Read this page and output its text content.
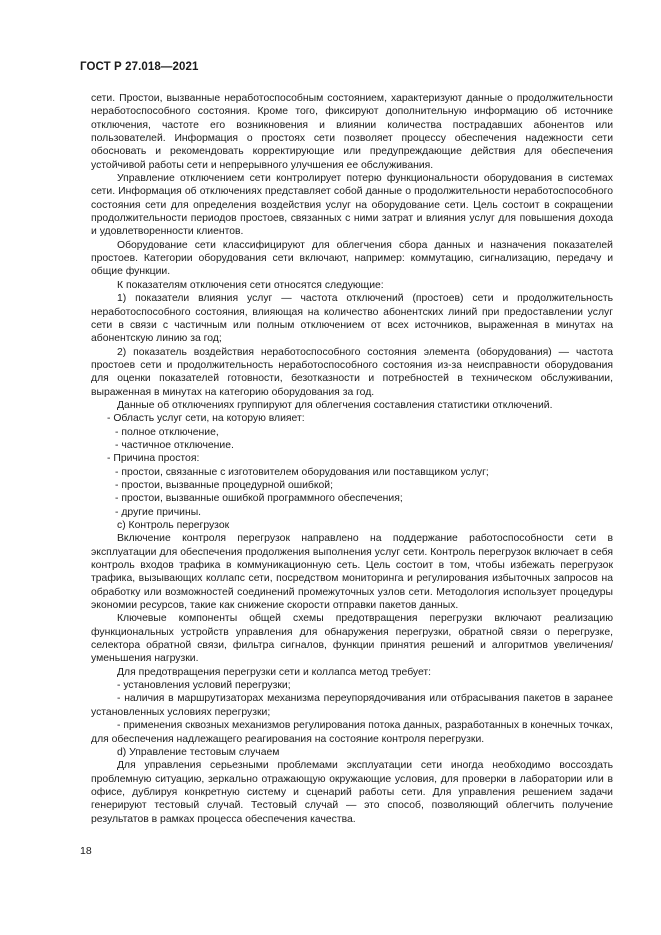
ГОСТ Р 27.018—2021

сети. Простои, вызванные неработоспособным состоянием, характеризуют данные о продолжительности неработоспособного состояния. Кроме того, фиксируют дополнительную информацию об источнике отключения, частоте его возникновения и влиянии количества пострадавших абонентов или пользователей. Информация о простоях сети позволяет процессу обеспечения надежности сети обосновать и рекомендовать корректирующие или предупреждающие действия для обеспечения устойчивой работы сети и непрерывного улучшения ее обслуживания.

Управление отключением сети контролирует потерю функциональности оборудования в системах сети. Информация об отключениях представляет собой данные о продолжительности неработоспособного состояния сети для определения воздействия услуг на оборудование сети. Цель состоит в сокращении продолжительности периодов простоев, связанных с ними затрат и влияния услуг для повышения дохода и удовлетворенности клиентов.

Оборудование сети классифицируют для облегчения сбора данных и назначения показателей простоев. Категории оборудования сети включают, например: коммутацию, сигнализацию, передачу и общие функции.

К показателям отключения сети относятся следующие:

1) показатели влияния услуг — частота отключений (простоев) сети и продолжительность неработоспособного состояния, влияющая на количество абонентских линий при предоставлении услуг сети в связи с частичным или полным отключением от всех источников, выраженная в минутах на абонентскую линию за год;

2) показатель воздействия неработоспособного состояния элемента (оборудования) — частота простоев сети и продолжительность неработоспособного состояния из-за неисправности оборудования для оценки показателей готовности, безотказности и потребностей в техническом обслуживании, выраженная в минутах на категорию оборудования за год.

Данные об отключениях группируют для облегчения составления статистики отключений.

- Область услуг сети, на которую влияет:

- полное отключение,

- частичное отключение.

- Причина простоя:

- простои, связанные с изготовителем оборудования или поставщиком услуг;

- простои, вызванные процедурной ошибкой;

- простои, вызванные ошибкой программного обеспечения;

- другие причины.

c) Контроль перегрузок

Включение контроля перегрузок направлено на поддержание работоспособности сети в эксплуатации для обеспечения продолжения выполнения услуг сети. Контроль перегрузок включает в себя контроль входов трафика в коммуникационную сеть. Цель состоит в том, чтобы избежать перегрузок трафика, вызывающих коллапс сети, посредством мониторинга и регулирования избыточных запросов на обработку или возможностей соединений промежуточных узлов сети. Методология использует процедуры экономии ресурсов, такие как снижение скорости отправки пакетов данных.

Ключевые компоненты общей схемы предотвращения перегрузки включают реализацию функциональных устройств управления для обнаружения перегрузки, обратной связи о перегрузке, селектора обратной связи, фильтра сигналов, функции принятия решений и алгоритмов увеличения/уменьшения нагрузки.

Для предотвращения перегрузки сети и коллапса метод требует:

- установления условий перегрузки;

- наличия в маршрутизаторах механизма переупорядочивания или отбрасывания пакетов в заранее установленных условиях перегрузки;

- применения сквозных механизмов регулирования потока данных, разработанных в конечных точках, для обеспечения надлежащего реагирования на состояние контроля перегрузки.

d) Управление тестовым случаем

Для управления серьезными проблемами эксплуатации сети иногда необходимо воссоздать проблемную ситуацию, зеркально отражающую окружающие условия, для проверки в лаборатории или в офисе, дублируя конкретную систему и сценарий работы сети. Для управления решением задачи генерируют тестовый случай. Тестовый случай — это способ, позволяющий облегчить получение результатов в рамках процесса обеспечения качества.

18
